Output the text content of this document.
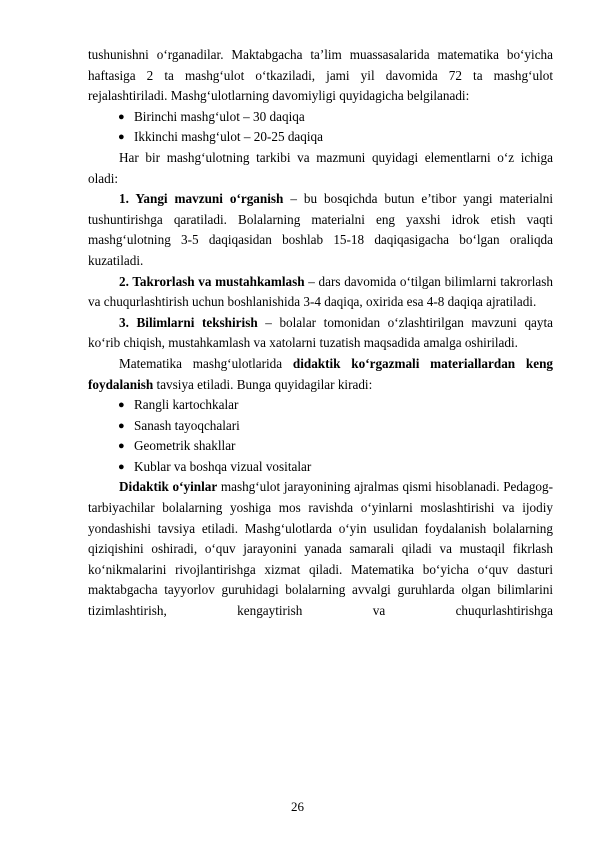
tushunishni o‘rganadilar. Maktabgacha ta’lim muassasalarida matematika bo‘yicha haftasiga 2 ta mashg‘ulot o‘tkaziladi, jami yil davomida 72 ta mashg‘ulot rejalashtiriladi. Mashg‘ulotlarning davomiyligi quyidagicha belgilanadi:

● Birinchi mashg‘ulot – 30 daqiqa
● Ikkinchi mashg‘ulot – 20-25 daqiqa

Har bir mashg‘ulotning tarkibi va mazmuni quyidagi elementlarni o‘z ichiga oladi:

1. Yangi mavzuni o‘rganish – bu bosqichda butun e’tibor yangi materialni tushuntirishga qaratiladi. Bolalarning materialni eng yaxshi idrok etish vaqti mashg‘ulotning 3-5 daqiqasidan boshlab 15-18 daqiqasigacha bo‘lgan oraliqda kuzatiladi.

2. Takrorlash va mustahkamlash – dars davomida o‘tilgan bilimlarni takrorlash va chuqurlashtirish uchun boshlanishida 3-4 daqiqa, oxirida esa 4-8 daqiqa ajratiladi.

3. Bilimlarni tekshirish – bolalar tomonidan o‘zlashtirilgan mavzuni qayta ko‘rib chiqish, mustahkamlash va xatolarni tuzatish maqsadida amalga oshiriladi.

Matematika mashg‘ulotlarida didaktik ko‘rgazmali materiallardan keng foydalanish tavsiya etiladi. Bunga quyidagilar kiradi:

● Rangli kartochkalar
● Sanash tayoqchalari
● Geometrik shakllar
● Kublar va boshqa vizual vositalar

Didaktik o‘yinlar mashg‘ulot jarayonining ajralmas qismi hisoblanadi. Pedagog-tarbiyachilar bolalarning yoshiga mos ravishda o‘yinlarni moslashtirishi va ijodiy yondashishi tavsiya etiladi. Mashg‘ulotlarda o‘yin usulidan foydalanish bolalarning qiziqishini oshiradi, o‘quv jarayonini yanada samarali qiladi va mustaqil fikrlash ko‘nikmalarini rivojlantirishga xizmat qiladi. Matematika bo‘yicha o‘quv dasturi maktabgacha tayyorlov guruhidagi bolalarning avvalgi guruhlarda olgan bilimlarini tizimlashtirish, kengaytirish va chuqurlashtirishga

26
